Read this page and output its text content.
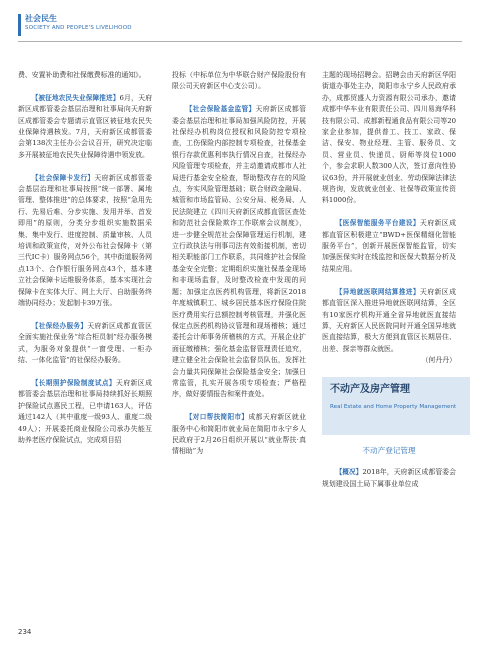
社会民生
SOCIETY AND PEOPLE'S LIVELIHOOD

费、安置补助费和社保缴费标准的通知》。

【被征地农民失业保障推进】6月，天府新区成都管委会基层治理和社事局向天府新区成都管委会专题请示直管区被征地农民失业保障待遇核发。7月，天府新区成都管委会第138次主任办公会议召开，研究决定临多开展被征地农民失业保障待遇申领发放。

【社会保障卡发行】天府新区成都管委会基层治理和社事局按照“统一部署、属地管理、整体推进”的总体要求，按照“急用先行、先易后难、分步实施、发用并举、首发即用”的原则，分类分步组织实施数据采集、集中发行、进度控制、质量审核、人员培训和政策宣传，对外公布社会保障卡（第三代IC卡）服务网点56个，其中街道服务网点13个、合作银行服务网点43个，基本建立社会保障卡运维服务体系，基本实现社会保障卡在实体大厅、网上大厅、自助服务终端协同经办；发起制卡39万张。

【社保经办服务】天府新区成都直管区全面实施社保业务“综合柜员制”经办服务模式，为服务对象提供“一窗受理、一柜办结、一体化监管”的社保经办服务。

【长期照护保险制度试点】天府新区成都管委会基层治理和社事局持续抓好长期照护保险试点惠民工程，已申请163人，评估通过142人（其中重度一级93人、重度二级49人）；开展委托商业保险公司承办失能互助养老医疗保险试点，完成项目招

投标（中标单位为中华联合财产保险股份有限公司天府新区中心支公司）。

【社会保险基金监管】天府新区成都管委会基层治理和社事局加强风险防控，开展社保经办机构岗位授权和风险防控专项检查，工伤保险内部控制专项检查，社保基金银行存款优惠利率执行情况自查，社保经办风险管理专项检查，并主动邀请成都市人社局进行基金安全检查，帮助整改存在的风险点，夯实风险管理基础；联合财政金融局、城管和市场监管局、公安分局、税务局、人民法院建立《四川天府新区成都直管区查处和防范社会保险欺诈工作联席会议制度》，进一步健全规范社会保障管理运行机制，建立行政执法与刑事司法有效衔接机制，密切相关职能部门工作联系，共同维护社会保险基金安全完整；定期组织实施社保基金现场和非现场监督，及时整改检查中发现的问题；加强定点医药机构管理，将新区2018年度城镇职工、城乡居民基本医疗保险住院医疗费用实行总额控制考核管理，并强化医保定点医药机构协议管理和现场稽核；通过委托会计师事务所稽核的方式，开展企业扩面征缴稽核；强化基金监督管理责任追究，建立健全社会保险社会监督员队伍，发挥社会力量共同保障社会保险基金安全；加强日常监管，扎实开展各项专项检查；严格程序，做好要情报告和案件查处。

【对口帮扶简阳市】成都天府新区就业服务中心和简阳市就业局在简阳市永宁乡人民政府于2月26日组织开展以“就业帮扶·真情相助”为

主题的现场招聘会。招聘会由天府新区华阳街道办事处主办，简阳市永宁乡人民政府承办，成都贸盛人力资源有限公司承办，邀请成都中华车业有限责任公司、四川易海华科技有限公司、成都新程通食品有限公司等20家企业参加，提供普工、技工、家政、保洁、保安、物业经理、主管、服务员、文员、营业员、快递员、厨师等岗位1000个，参会求职人数300人次，签订意向性协议63份，并开展就业创业、劳动保障法律法规咨询，发放就业创业、社保等政策宣传资料1000份。

【医保智能服务平台建设】天府新区成都直管区积极建立“BWD+医保精细化智能服务平台”，创新开展医保智能监管，切实加强医保实时在线监控和医保大数据分析及结果应用。

【异地就医联网结算推进】天府新区成都直管区深入推进异地就医联网结算，全区有10家医疗机构开通全省异地就医直接结算，天府新区人民医院同时开通全国异地就医直接结算，极大方便到直管区长期居住、出差、探亲等群众就医。

（何丹丹）

不动产及房产管理
Real Estate and Home Property Management
不动产登记管理

【概况】2018年，天府新区成都管委会规划建设国土局下属事业单位成

234
